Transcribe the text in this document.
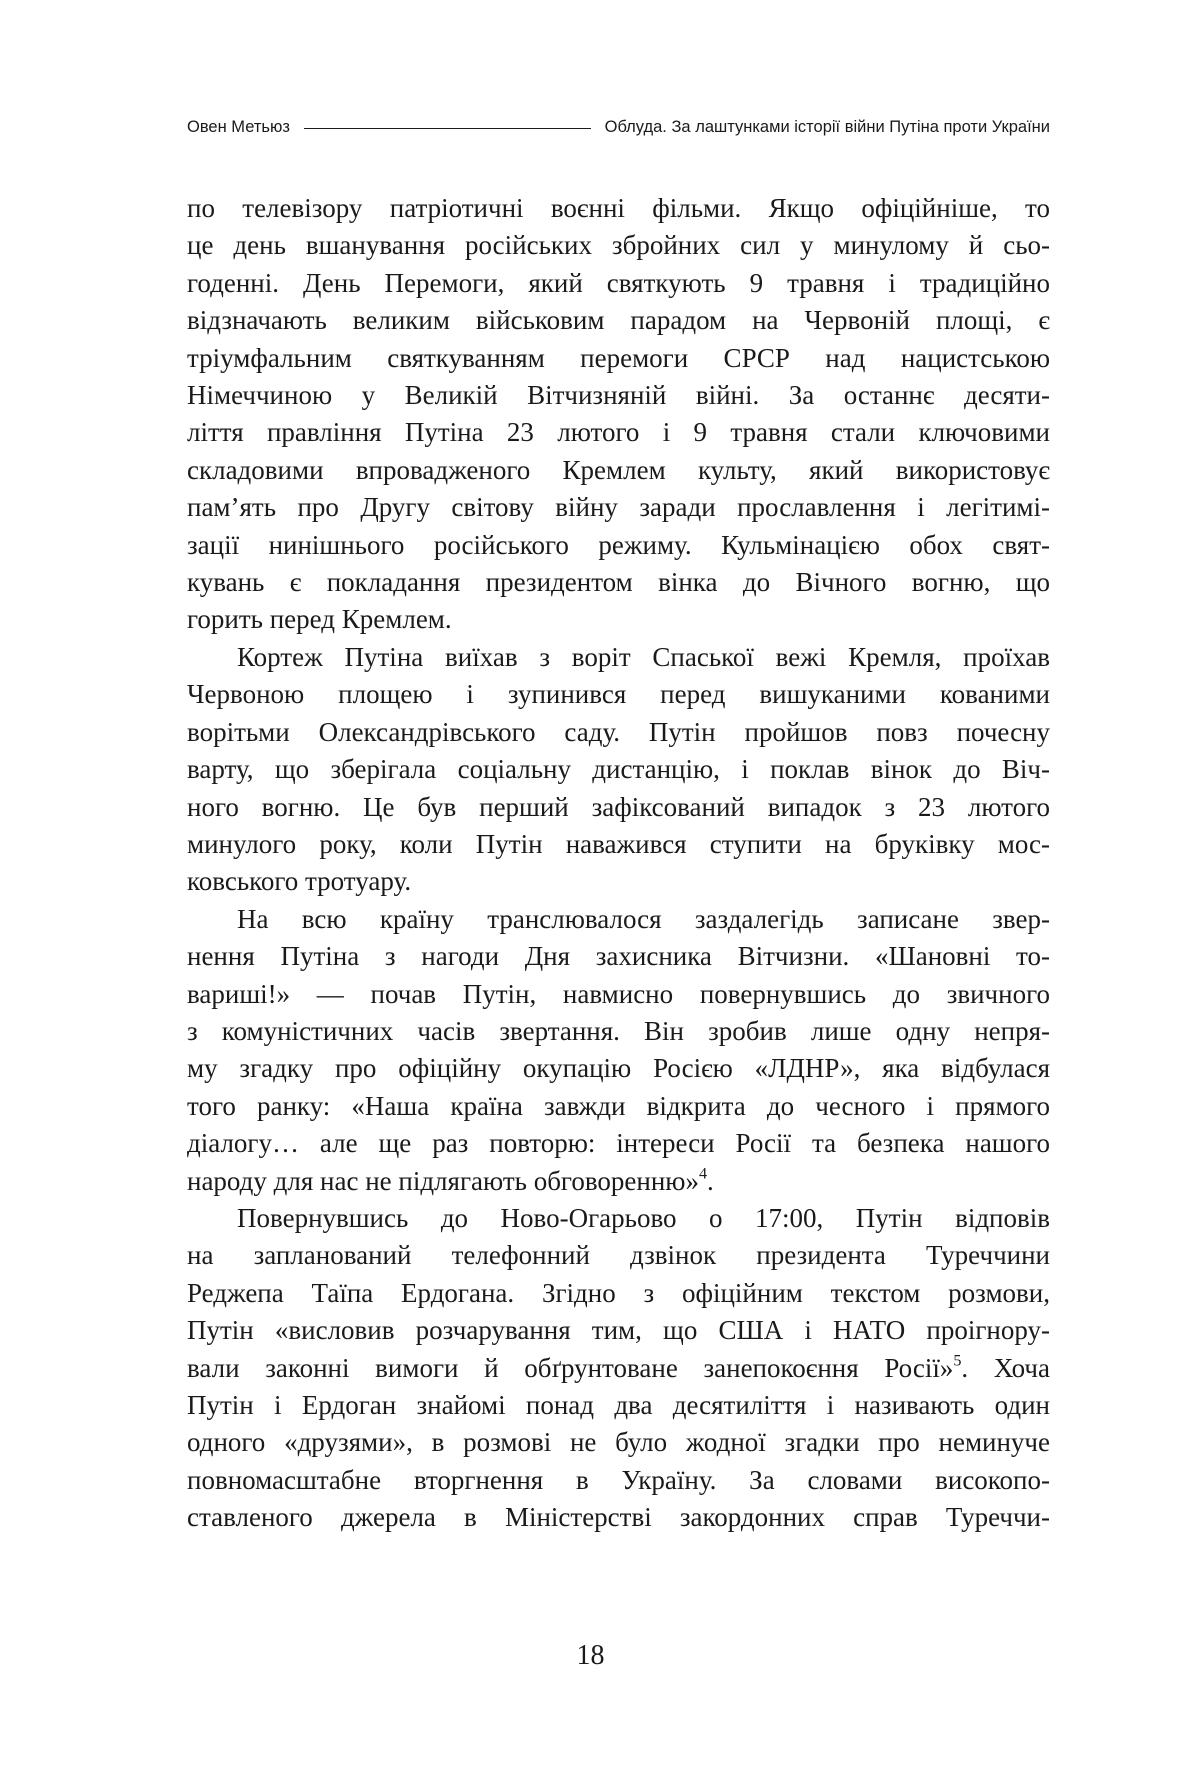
Овен Метьюз	Облуда. За лаштунками історії війни Путіна проти України

по телевізору патріотичні воєнні фільми. Якщо офіційніше, то

це день вшанування російських збройних сил у минулому й сьо-

годенні. День Перемоги, який святкують 9 травня і традиційно

відзначають великим військовим парадом на Червоній площі, є

тріумфальним святкуванням перемоги СРСР над нацистською

Німеччиною у Великій Вітчизняній війні. За останнє десяти-

ліття правління Путіна 23 лютого і 9 травня стали ключовими

складовими впровадженого Кремлем культу, який використовує

пам’ять про Другу світову війну заради прославлення і легітимі-

зації нинішнього російського режиму. Кульмінацією обох свят-

кувань є покладання президентом вінка до Вічного вогню, що

горить перед Кремлем.

Кортеж Путіна виїхав з воріт Спаської вежі Кремля, проїхав

Червоною площею і зупинився перед вишуканими кованими

ворітьми Олександрівського саду. Путін пройшов повз почесну

варту, що зберігала соціальну дистанцію, і поклав вінок до Віч-

ного вогню. Це був перший зафіксований випадок з 23 лютого

минулого року, коли Путін наважився ступити на бруківку мос-

ковського тротуару.

На всю країну транслювалося заздалегідь записане звер-

нення Путіна з нагоди Дня захисника Вітчизни. «Шановні то-

вариші!» — почав Путін, навмисно повернувшись до звичного

з комуністичних часів звертання. Він зробив лише одну непря-

му згадку про офіційну окупацію Росією «ЛДНР», яка відбулася

того ранку: «Наша країна завжди відкрита до чесного і прямого

діалогу… але ще раз повторю: інтереси Росії та безпека нашого

народу для нас не підлягають обговоренню»$^4$.

Повернувшись до Ново-Огарьово о 17:00, Путін відповів

на запланований телефонний дзвінок президента Туреччини

Реджепа Таїпа Ердогана. Згідно з офіційним текстом розмови,

Путін «висловив розчарування тим, що США і НАТО проігнору-

вали законні вимоги й обґрунтоване занепокоєння Росії»$^5$. Хоча

Путін і Ердоган знайомі понад два десятиліття і називають один

одного «друзями», в розмові не було жодної згадки про неминуче

повномасштабне вторгнення в Україну. За словами високопо-

ставленого джерела в Міністерстві закордонних справ Туреччи-

18
